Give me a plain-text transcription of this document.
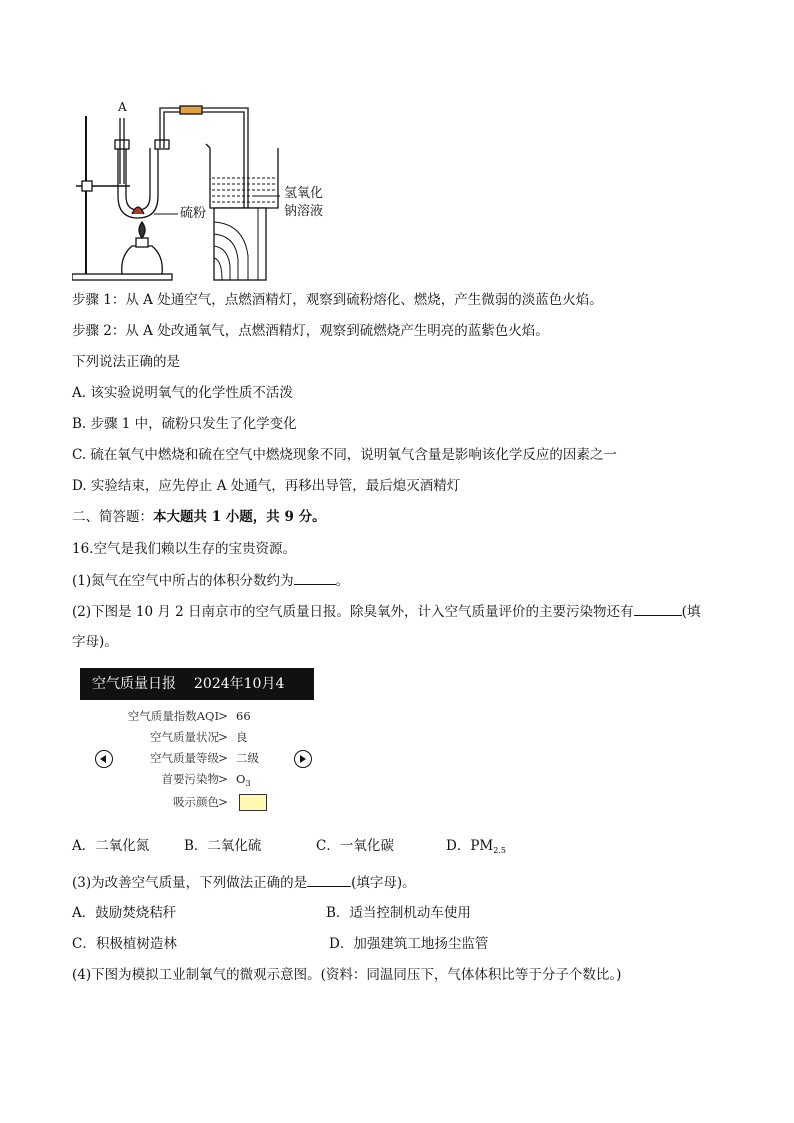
A
硫粉
氢氧化
钠溶液
步骤 1：从 A 处通空气，点燃酒精灯，观察到硫粉熔化、燃烧，产生微弱的淡蓝色火焰。
步骤 2：从 A 处改通氧气，点燃酒精灯，观察到硫燃烧产生明亮的蓝紫色火焰。
下列说法正确的是
A. 该实验说明氧气的化学性质不活泼
B. 步骤 1 中，硫粉只发生了化学变化
C. 硫在氧气中燃烧和硫在空气中燃烧现象不同，说明氧气含量是影响该化学反应的因素之一
D. 实验结束，应先停止 A 处通气，再移出导管，最后熄灭酒精灯
二、简答题：本大题共 1 小题，共 9 分。
16.空气是我们赖以生存的宝贵资源。
(1)氮气在空气中所占的体积分数约为	。
(2)下图是 10 月 2 日南京市的空气质量日报。除臭氧外，计入空气质量评价的主要污染物还有	(填
字母)。
空气质量日报 2024年10月4日	空气质量指数AQI > 66
空气质量状况 > 良
空气质量等级 > 二级
首要污染物 > $O_3$
吸示颜色 >
A．二氧化氮	B．二氧化硫	C．一氧化碳	D．$PM_{2.5}$
(3)为改善空气质量，下列做法正确的是	(填字母)。
A．鼓励焚烧秸秆	B．适当控制机动车使用
C．积极植树造林	D．加强建筑工地扬尘监管
(4)下图为模拟工业制氧气的微观示意图。(资料：同温同压下，气体体积比等于分子个数比。)
